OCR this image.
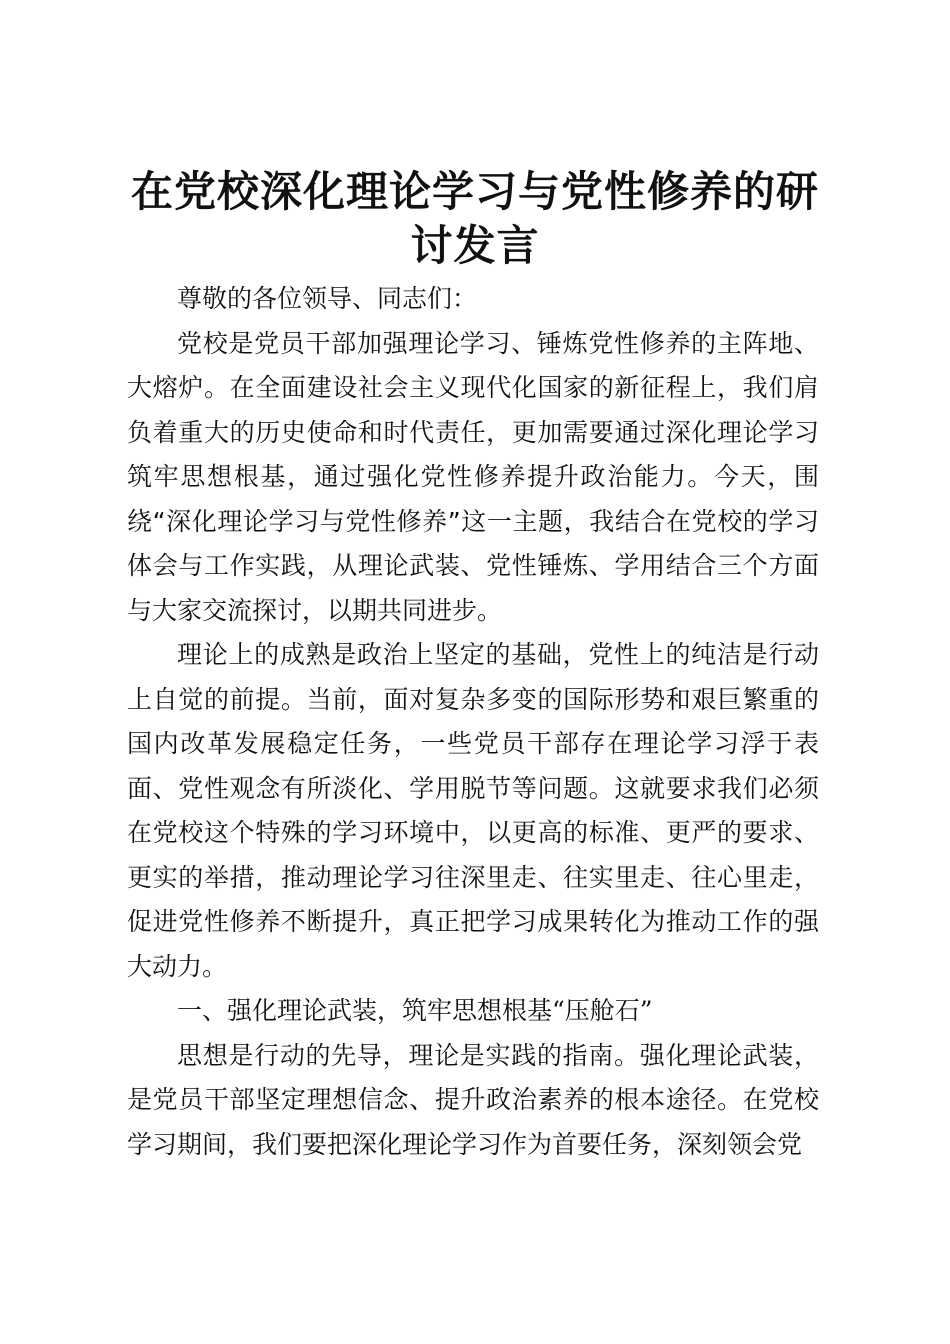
在党校深化理论学习与党性修养的研讨发言

尊敬的各位领导、同志们：

党校是党员干部加强理论学习、锤炼党性修养的主阵地、大熔炉。在全面建设社会主义现代化国家的新征程上，我们肩负着重大的历史使命和时代责任，更加需要通过深化理论学习筑牢思想根基，通过强化党性修养提升政治能力。今天，围绕“深化理论学习与党性修养”这一主题，我结合在党校的学习体会与工作实践，从理论武装、党性锤炼、学用结合三个方面与大家交流探讨，以期共同进步。

理论上的成熟是政治上坚定的基础，党性上的纯洁是行动上自觉的前提。当前，面对复杂多变的国际形势和艰巨繁重的国内改革发展稳定任务，一些党员干部存在理论学习浮于表面、党性观念有所淡化、学用脱节等问题。这就要求我们必须在党校这个特殊的学习环境中，以更高的标准、更严的要求、更实的举措，推动理论学习往深里走、往实里走、往心里走，促进党性修养不断提升，真正把学习成果转化为推动工作的强大动力。

一、强化理论武装，筑牢思想根基“压舱石”

思想是行动的先导，理论是实践的指南。强化理论武装，是党员干部坚定理想信念、提升政治素养的根本途径。在党校学习期间，我们要把深化理论学习作为首要任务，深刻领会党
